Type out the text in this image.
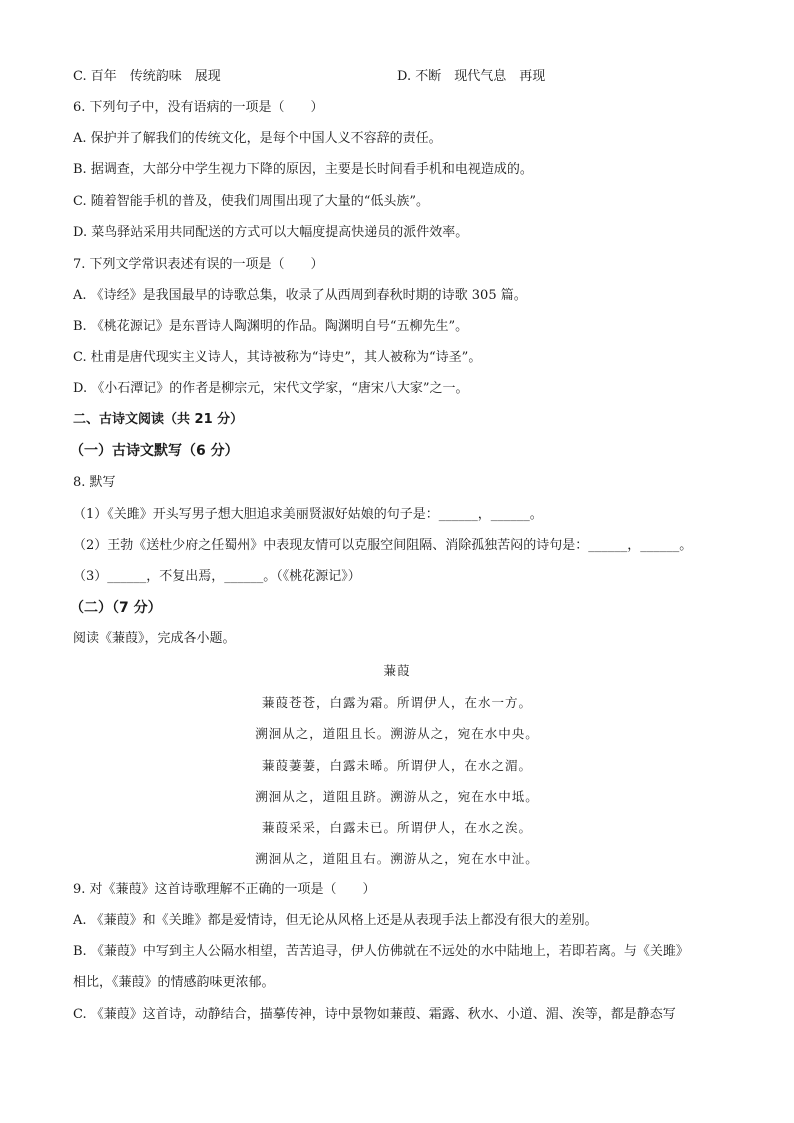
C. 百年　传统韵味　展现	D. 不断　现代气息　再现
6. 下列句子中，没有语病的一项是（　　）
A. 保护并了解我们的传统文化，是每个中国人义不容辞的责任。
B. 据调查，大部分中学生视力下降的原因，主要是长时间看手机和电视造成的。
C. 随着智能手机的普及，使我们周围出现了大量的“低头族”。
D. 菜鸟驿站采用共同配送的方式可以大幅度提高快递员的派件效率。
7. 下列文学常识表述有误的一项是（　　）
A. 《诗经》是我国最早的诗歌总集，收录了从西周到春秋时期的诗歌 305 篇。
B. 《桃花源记》是东晋诗人陶渊明的作品。陶渊明自号“五柳先生”。
C. 杜甫是唐代现实主义诗人，其诗被称为“诗史”，其人被称为“诗圣”。
D. 《小石潭记》的作者是柳宗元，宋代文学家，“唐宋八大家”之一。
二、古诗文阅读（共 21 分）
（一）古诗文默写（6 分）
8. 默写
（1）《关雎》开头写男子想大胆追求美丽贤淑好姑娘的句子是：______，______。
（2）王勃《送杜少府之任蜀州》中表现友情可以克服空间阻隔、消除孤独苦闷的诗句是：______，______。
（3）______，不复出焉，______。（《桃花源记》）
（二）（7 分）
阅读《蒹葭》，完成各小题。
蒹葭
蒹葭苍苍，白露为霜。所谓伊人，在水一方。
溯洄从之，道阻且长。溯游从之，宛在水中央。
蒹葭萋萋，白露未晞。所谓伊人，在水之湄。
溯洄从之，道阻且跻。溯游从之，宛在水中坻。
蒹葭采采，白露未已。所谓伊人，在水之涘。
溯洄从之，道阻且右。溯游从之，宛在水中沚。
9. 对《蒹葭》这首诗歌理解不正确的一项是（　　）
A. 《蒹葭》和《关雎》都是爱情诗，但无论从风格上还是从表现手法上都没有很大的差别。
B. 《蒹葭》中写到主人公隔水相望，苦苦追寻，伊人仿佛就在不远处的水中陆地上，若即若离。与《关雎》
相比，《蒹葭》的情感韵味更浓郁。
C. 《蒹葭》这首诗，动静结合，描摹传神，诗中景物如蒹葭、霜露、秋水、小道、湄、涘等，都是静态写
